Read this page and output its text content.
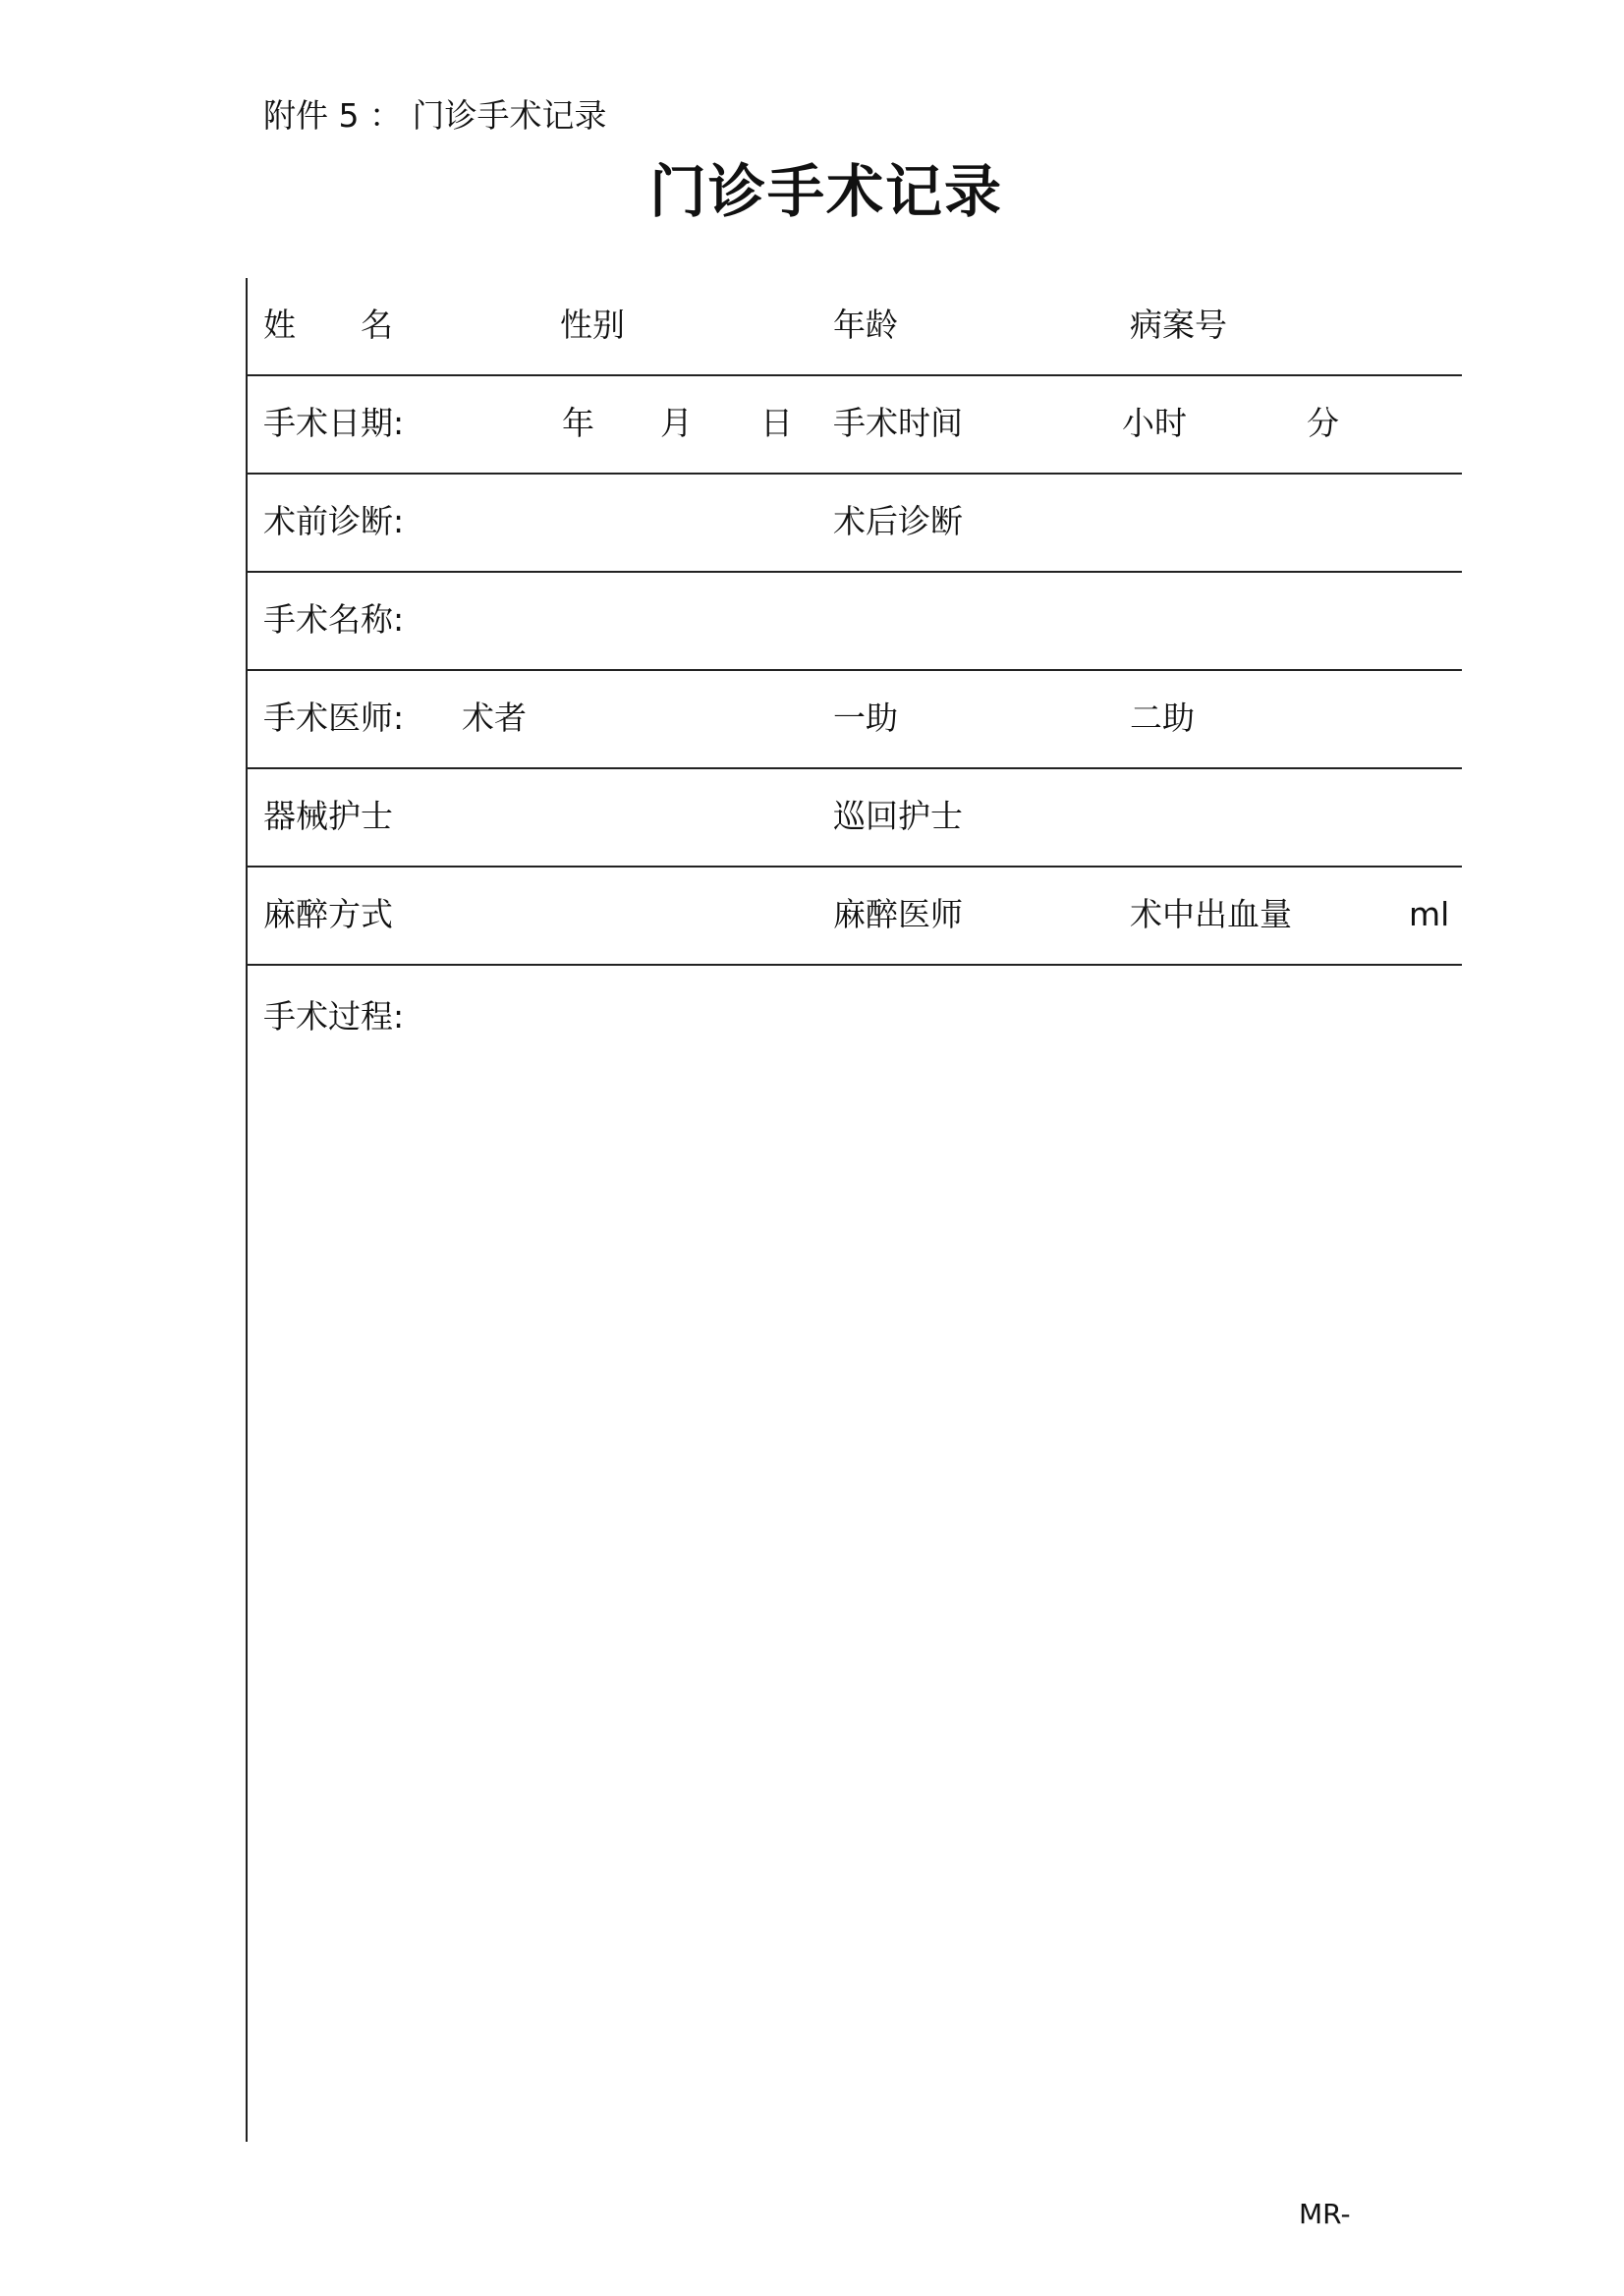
附件 5 ： 门诊手术记录
门诊手术记录
姓　　名	性别	年龄	病案号
手术日期:	年 月 日 手术时间	小时	分
术前诊断:	术后诊断
手术名称:
手术医师: 术者	一助	二助
器械护士	巡回护士
麻醉方式	麻醉医师	术中出血量	ml
手术过程:
MR-
